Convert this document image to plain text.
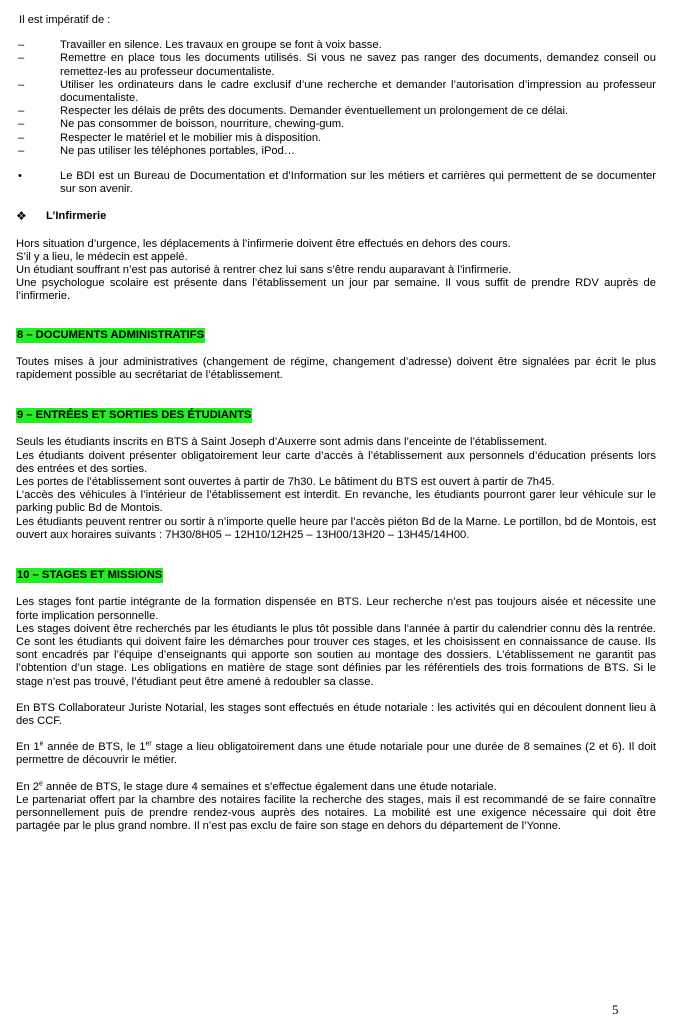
Il est impératif de :

–	Travailler en silence. Les travaux en groupe se font à voix basse.
–	Remettre en place tous les documents utilisés. Si vous ne savez pas ranger des documents, demandez conseil ou remettez-les au professeur documentaliste.
–	Utiliser les ordinateurs dans le cadre exclusif d’une recherche et demander l’autorisation d’impression au professeur documentaliste.
–	Respecter les délais de prêts des documents. Demander éventuellement un prolongement de ce délai.
–	Ne pas consommer de boisson, nourriture, chewing-gum.
–	Respecter le matériel et le mobilier mis à disposition.
–	Ne pas utiliser les téléphones portables, iPod…
•	Le BDI est un Bureau de Documentation et d’Information sur les métiers et carrières qui permettent de se documenter sur son avenir.
❖ L’Infirmerie

Hors situation d’urgence, les déplacements à l’infirmerie doivent être effectués en dehors des cours.

S’il y a lieu, le médecin est appelé.

Un étudiant souffrant n’est pas autorisé à rentrer chez lui sans s’être rendu auparavant à l’infirmerie.

Une psychologue scolaire est présente dans l’établissement un jour par semaine. Il vous suffit de prendre RDV auprès de l’infirmerie.

8 – DOCUMENTS ADMINISTRATIFS

Toutes mises à jour administratives (changement de régime, changement d’adresse) doivent être signalées par écrit le plus rapidement possible au secrétariat de l’établissement.

9 – ENTRÉES ET SORTIES DES ÉTUDIANTS

Seuls les étudiants inscrits en BTS à Saint Joseph d’Auxerre sont admis dans l’enceinte de l’établissement.

Les étudiants doivent présenter obligatoirement leur carte d’accès à l’établissement aux personnels d’éducation présents lors des entrées et des sorties.

Les portes de l’établissement sont ouvertes à partir de 7h30. Le bâtiment du BTS est ouvert à partir de 7h45.

L’accès des véhicules à l’intérieur de l’établissement est interdit. En revanche, les étudiants pourront garer leur véhicule sur le parking public Bd de Montois.

Les étudiants peuvent rentrer ou sortir à n’importe quelle heure par l’accès piéton Bd de la Marne. Le portillon, bd de Montois, est ouvert aux horaires suivants : 7H30/8H05 – 12H10/12H25 – 13H00/13H20 – 13H45/14H00.

10 – STAGES ET MISSIONS

Les stages font partie intégrante de la formation dispensée en BTS. Leur recherche n’est pas toujours aisée et nécessite une forte implication personnelle.

Les stages doivent être recherchés par les étudiants le plus tôt possible dans l’année à partir du calendrier connu dès la rentrée. Ce sont les étudiants qui doivent faire les démarches pour trouver ces stages, et les choisissent en connaissance de cause. Ils sont encadrés par l’équipe d’enseignants qui apporte son soutien au montage des dossiers. L’établissement ne garantit pas l’obtention d’un stage. Les obligations en matière de stage sont définies par les référentiels des trois formations de BTS. Si le stage n’est pas trouvé, l’étudiant peut être amené à redoubler sa classe.

En BTS Collaborateur Juriste Notarial, les stages sont effectués en étude notariale : les activités qui en découlent donnent lieu à des CCF.

En 1e année de BTS, le 1er stage a lieu obligatoirement dans une étude notariale pour une durée de 8 semaines (2 et 6). Il doit permettre de découvrir le métier.

En 2e année de BTS, le stage dure 4 semaines et s’effectue également dans une étude notariale.

Le partenariat offert par la chambre des notaires facilite la recherche des stages, mais il est recommandé de se faire connaître personnellement puis de prendre rendez-vous auprès des notaires. La mobilité est une exigence nécessaire qui doit être partagée par le plus grand nombre. Il n’est pas exclu de faire son stage en dehors du département de l’Yonne.

5
